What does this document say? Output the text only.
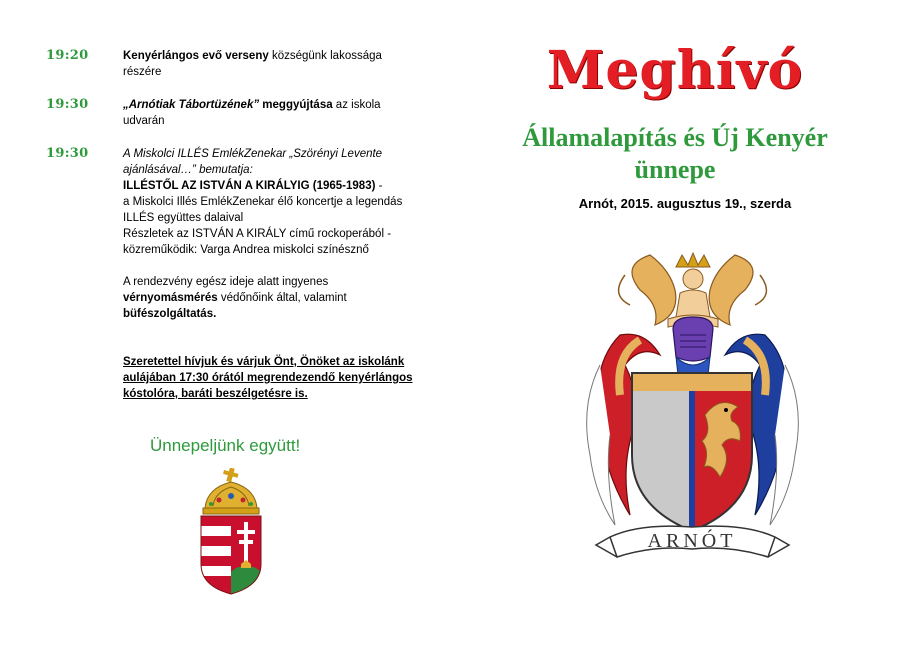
19:20	Kenyérlángos evő verseny községünk lakossága
részére
19:30	„Arnótiak Tábortüzének” meggyújtása az iskola
udvarán
19:30	A Miskolci ILLÉS EmlékZenekar „Szörényi Levente
ajánlásával…” bemutatja:
ILLÉSTŐL AZ ISTVÁN A KIRÁLYIG (1965-1983) -
a Miskolci Illés EmlékZenekar élő koncertje a legendás
ILLÉS együttes dalaival
Részletek az ISTVÁN A KIRÁLY című rockoperából -
közreműködik: Varga Andrea miskolci színésznő
A rendezvény egész ideje alatt ingyenes
vérnyomásmérés védőnőink által, valamint
büfészolgáltatás.
Szeretettel hívjuk és várjuk Önt, Önöket az iskolánk
aulájában 17:30 órától megrendezendő kenyérlángos
kóstolóra, baráti beszélgetésre is.
Ünnepeljünk együtt!
Meghívó
Államalapítás és Új Kenyér
ünnepe
Arnót, 2015. augusztus 19., szerda
ARNÓT
